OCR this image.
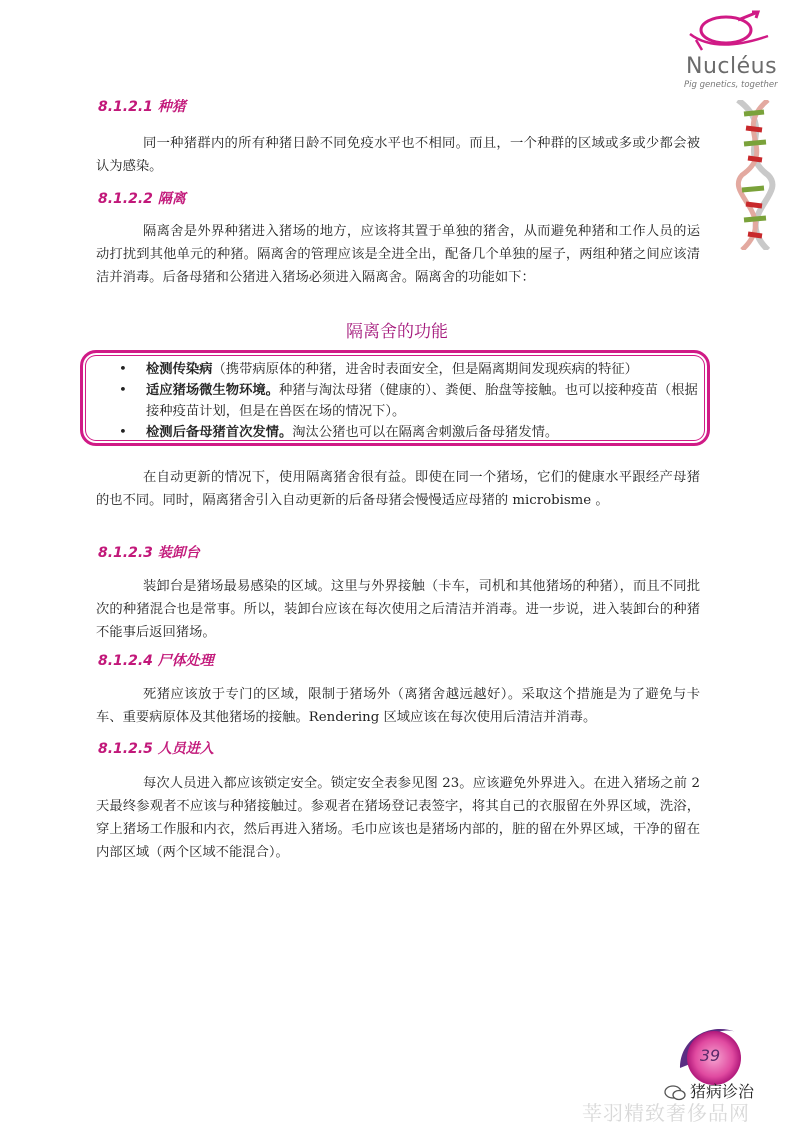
Nucléus
Pig genetics, together
8.1.2.1 种猪

同一种猪群内的所有种猪日龄不同免疫水平也不相同。而且，一个种群的区域或多或少都会被认为感染。

8.1.2.2 隔离

隔离舍是外界种猪进入猪场的地方，应该将其置于单独的猪舍，从而避免种猪和工作人员的运动打扰到其他单元的种猪。隔离舍的管理应该是全进全出，配备几个单独的屋子，两组种猪之间应该清洁并消毒。后备母猪和公猪进入猪场必须进入隔离舍。隔离舍的功能如下：

隔离舍的功能
• 检测传染病（携带病原体的种猪，进舍时表面安全，但是隔离期间发现疾病的特征）
• 适应猪场微生物环境。种猪与淘汰母猪（健康的）、粪便、胎盘等接触。也可以接种疫苗（根据接种疫苗计划，但是在兽医在场的情况下）。
• 检测后备母猪首次发情。淘汰公猪也可以在隔离舍刺激后备母猪发情。

在自动更新的情况下，使用隔离猪舍很有益。即使在同一个猪场，它们的健康水平跟经产母猪的也不同。同时，隔离猪舍引入自动更新的后备母猪会慢慢适应母猪的 microbisme 。

8.1.2.3 装卸台

装卸台是猪场最易感染的区域。这里与外界接触（卡车，司机和其他猪场的种猪），而且不同批次的种猪混合也是常事。所以，装卸台应该在每次使用之后清洁并消毒。进一步说，进入装卸台的种猪不能事后返回猪场。

8.1.2.4 尸体处理

死猪应该放于专门的区域，限制于猪场外（离猪舍越远越好）。采取这个措施是为了避免与卡车、重要病原体及其他猪场的接触。Rendering 区域应该在每次使用后清洁并消毒。

8.1.2.5 人员进入

每次人员进入都应该锁定安全。锁定安全表参见图 23。应该避免外界进入。在进入猪场之前 2 天最终参观者不应该与种猪接触过。参观者在猪场登记表签字，将其自己的衣服留在外界区域，洗浴，穿上猪场工作服和内衣，然后再进入猪场。毛巾应该也是猪场内部的，脏的留在外界区域，干净的留在内部区域（两个区域不能混合）。

39
猪病诊治
莘羽精致奢侈品网
